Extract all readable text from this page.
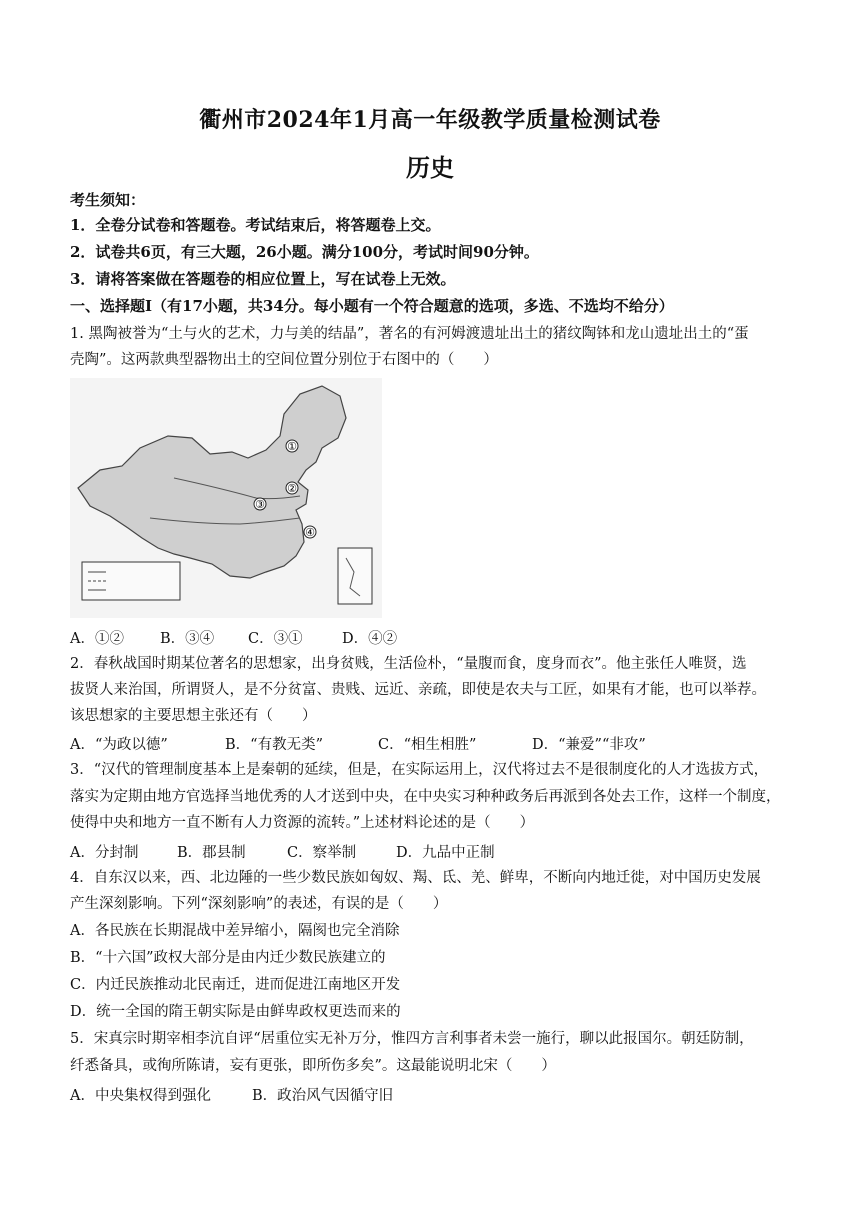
衢州市2024年1月高一年级教学质量检测试卷
历史
考生须知：
1．全卷分试卷和答题卷。考试结束后，将答题卷上交。
2．试卷共6页，有三大题，26小题。满分100分，考试时间90分钟。
3．请将答案做在答题卷的相应位置上，写在试卷上无效。
一、选择题Ⅰ（有17小题，共34分。每小题有一个符合题意的选项，多选、不选均不给分）
1. 黑陶被誉为“土与火的艺术，力与美的结晶”，著名的有河姆渡遗址出土的猪纹陶钵和龙山遗址出土的“蛋
壳陶”。这两款典型器物出土的空间位置分别位于右图中的（　　）
①
②
③
④
A．①② B．③④ C．③①	D．④②
2．春秋战国时期某位著名的思想家，出身贫贱，生活俭朴，“量腹而食，度身而衣”。他主张任人唯贤，选
拔贤人来治国，所谓贤人，是不分贫富、贵贱、远近、亲疏，即使是农夫与工匠，如果有才能，也可以举荐。
该思想家的主要思想主张还有（　　）
A．“为政以德”	B．“有教无类”	C．“相生相胜”	D．“兼爱”“非攻”
3．“汉代的管理制度基本上是秦朝的延续，但是，在实际运用上，汉代将过去不是很制度化的人才选拔方式，
落实为定期由地方官选择当地优秀的人才送到中央，在中央实习种种政务后再派到各处去工作，这样一个制度，
使得中央和地方一直不断有人力资源的流转。”上述材料论述的是（　　）
A．分封制	B．郡县制	C．察举制	D．九品中正制
4．自东汉以来，西、北边陲的一些少数民族如匈奴、羯、氐、羌、鲜卑，不断向内地迁徙，对中国历史发展
产生深刻影响。下列“深刻影响”的表述，有误的是（　　）
A．各民族在长期混战中差异缩小，隔阂也完全消除
B．“十六国”政权大部分是由内迁少数民族建立的
C．内迁民族推动北民南迁，进而促进江南地区开发
D．统一全国的隋王朝实际是由鲜卑政权更迭而来的
5．宋真宗时期宰相李沆自评“居重位实无补万分，惟四方言利事者未尝一施行，聊以此报国尔。朝廷防制，
纤悉备具，或徇所陈请，妄有更张，即所伤多矣”。这最能说明北宋（　　）
A．中央集权得到强化	B．政治风气因循守旧
